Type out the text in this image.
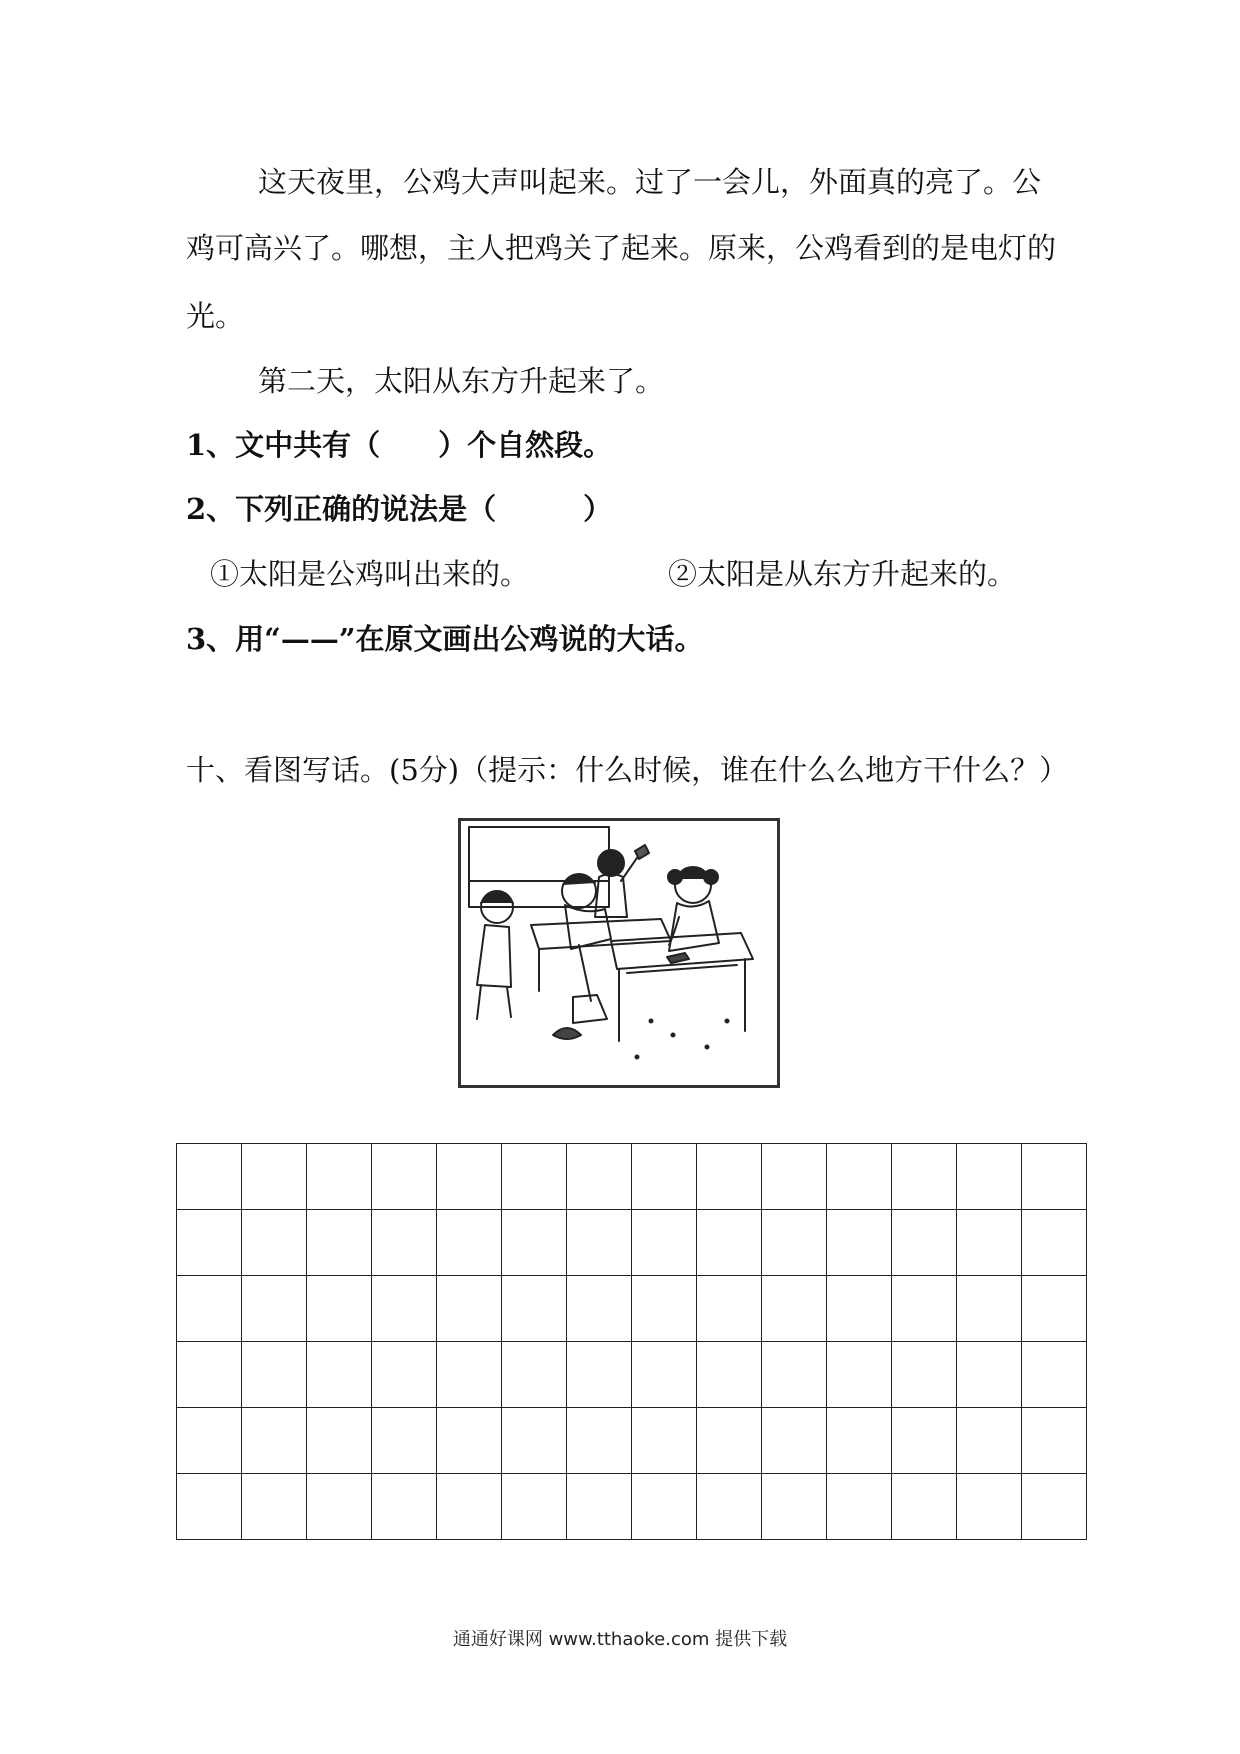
这天夜里，公鸡大声叫起来。过了一会儿，外面真的亮了。公
鸡可高兴了。哪想，主人把鸡关了起来。原来，公鸡看到的是电灯的
光。
第二天，太阳从东方升起来了。
1、文中共有（　　）个自然段。
2、下列正确的说法是（　　　）
①太阳是公鸡叫出来的。	②太阳是从东方升起来的。
3、用“——”在原文画出公鸡说的大话。
十、看图写话。(5分)（提示：什么时候，谁在什么么地方干什么？）

通通好课网 www.tthaoke.com 提供下载
